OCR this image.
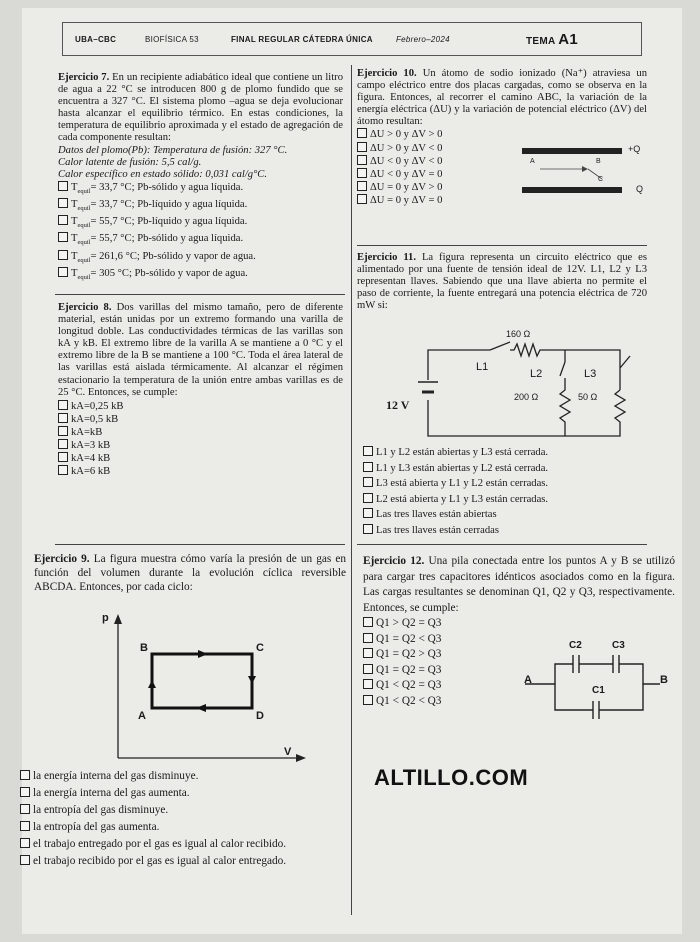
UBA–CBC	BIOFÍSICA 53	FINAL REGULAR CÁTEDRA ÚNICA	Febrero–2024	TEMA A1

Ejercicio 7. En un recipiente adiabático ideal que contiene un litro de agua a 22 °C se introducen 800 g de plomo fundido que se encuentra a 327 °C. El sistema plomo –agua se deja evolucionar hasta alcanzar el equilibrio térmico. En estas condiciones, la temperatura de equilibrio aproximada y el estado de agregación de cada componente resultan:

Datos del plomo(Pb): Temperatura de fusión: 327 °C.

Calor latente de fusión: 5,5 cal/g.

Calor específico en estado sólido: 0,031 cal/g°C.

$T_{equil}= 33,7$ °C; Pb-sólido y agua líquida.
$T_{equil}= 33,7$ °C; Pb-líquido y agua líquida.
$T_{equil}= 55,7$ °C; Pb-líquido y agua líquida.
$T_{equil}= 55,7$ °C; Pb-sólido y agua líquida.
$T_{equil}= 261,6$ °C; Pb-sólido y vapor de agua.
$T_{equil}= 305$ °C; Pb-sólido y vapor de agua.

Ejercicio 8. Dos varillas del mismo tamaño, pero de diferente material, están unidas por un extremo formando una varilla de longitud doble. Las conductividades térmicas de las varillas son kA y kB. El extremo libre de la varilla A se mantiene a 0 °C y el extremo libre de la B se mantiene a 100 °C. Toda el área lateral de las varillas está aislada térmicamente. Al alcanzar el régimen estacionario la temperatura de la unión entre ambas varillas es de 25 °C. Entonces, se cumple:

kA=0,25 kB
kA=0,5 kB
kA=kB
kA=3 kB
kA=4 kB
kA=6 kB

Ejercicio 9. La figura muestra cómo varía la presión de un gas en función del volumen durante la evolución cíclica reversible ABCDA. Entonces, por cada ciclo:

p
V
B	C
A	D
la energía interna del gas disminuye.
la energía interna del gas aumenta.
la entropía del gas disminuye.
la entropía del gas aumenta.
el trabajo entregado por el gas es igual al calor recibido.
el trabajo recibido por el gas es igual al calor entregado.

Ejercicio 10. Un átomo de sodio ionizado (Na⁺) atraviesa un campo eléctrico entre dos placas cargadas, como se observa en la figura. Entonces, al recorrer el camino ABC, la variación de la energía eléctrica (ΔU) y la variación de potencial eléctrico (ΔV) del átomo resultan:

ΔU > 0 y ΔV > 0
ΔU > 0 y ΔV < 0
ΔU < 0 y ΔV < 0
ΔU < 0 y ΔV = 0
ΔU = 0 y ΔV > 0
ΔU = 0 y ΔV = 0
+Q
Q
A	B
C

Ejercicio 11. La figura representa un circuito eléctrico que es alimentado por una fuente de tensión ideal de 12V. L1, L2 y L3 representan llaves. Sabiendo que una llave abierta no permite el paso de corriente, la fuente entregará una potencia eléctrica de 720 mW si:

160 Ω
L1
L2	L3
200 Ω	50 Ω
12 V
L1 y L2 están abiertas y L3 está cerrada.
L1 y L3 están abiertas y L2 está cerrada.
L3 está abierta y L1 y L2 están cerradas.
L2 está abierta y L1 y L3 están cerradas.
Las tres llaves están abiertas
Las tres llaves están cerradas

Ejercicio 12. Una pila conectada entre los puntos A y B se utilizó para cargar tres capacitores idénticos asociados como en la figura. Las cargas resultantes se denominan Q1, Q2 y Q3, respectivamente. Entonces, se cumple:

Q1 > Q2 = Q3
Q1 = Q2 < Q3
Q1 = Q2 > Q3
Q1 = Q2 = Q3
Q1 < Q2 = Q3
Q1 < Q2 < Q3
A	B
C2	C3
C1
ALTILLO.COM
